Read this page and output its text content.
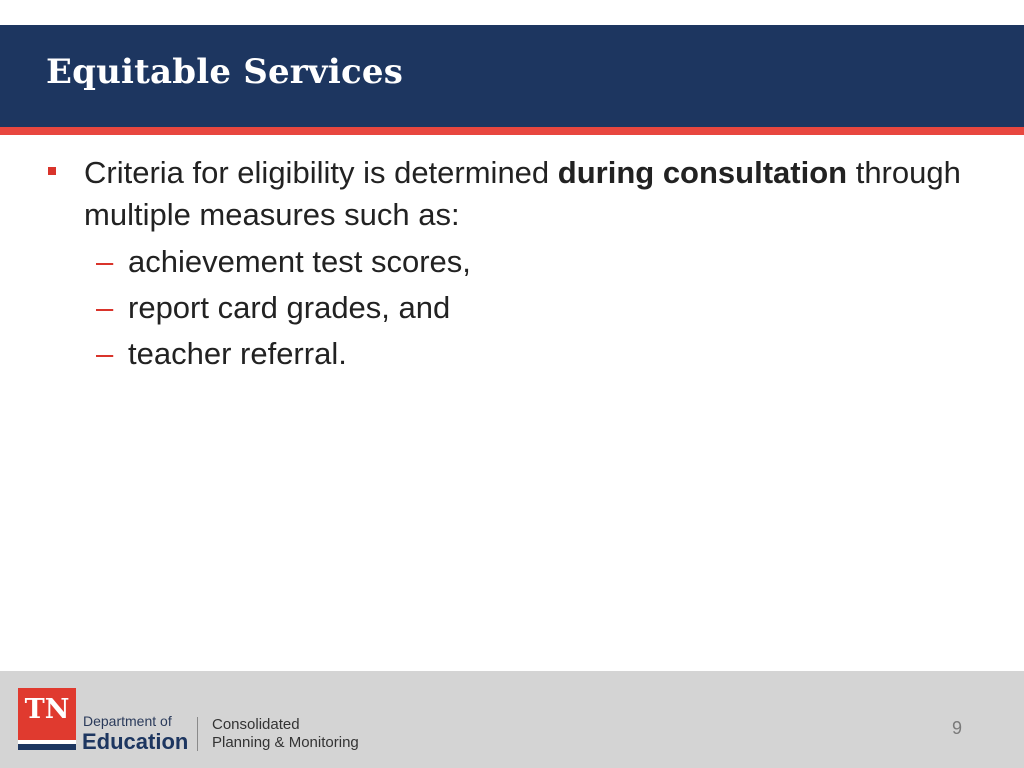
Equitable Services
Criteria for eligibility is determined during consultation through multiple measures such as:
– achievement test scores,
– report card grades, and
– teacher referral.
TN Department of
Education
Consolidated
Planning & Monitoring
9
